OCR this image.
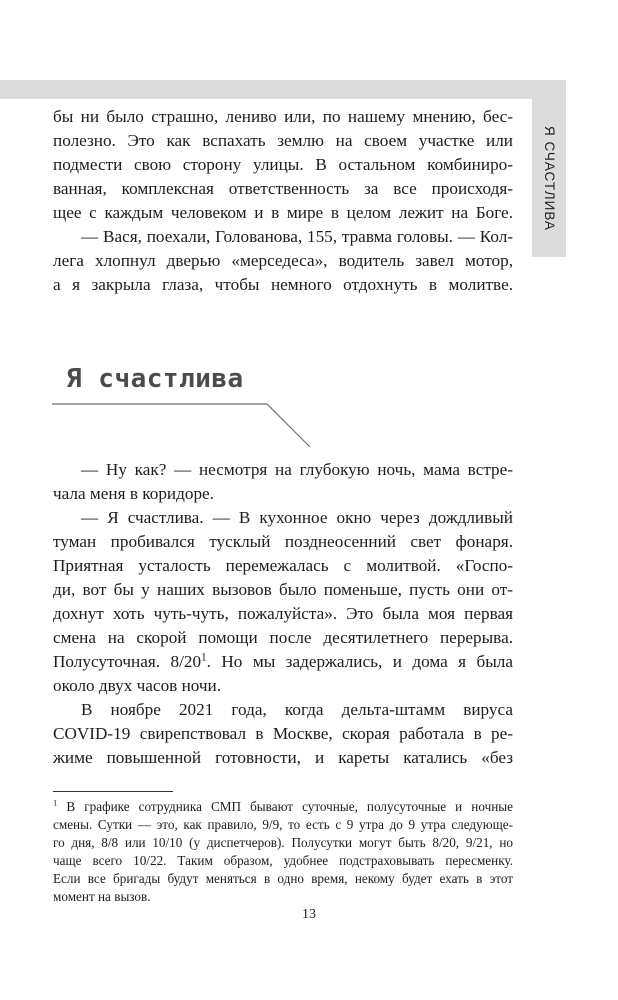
Я СЧАСТЛИВА

бы ни было страшно, лениво или, по нашему мнению, бес-

полезно. Это как вспахать землю на своем участке или

подмести свою сторону улицы. В остальном комбиниро-

ванная, комплексная ответственность за все происходя-

щее с каждым человеком и в мире в целом лежит на Боге.

— Вася, поехали, Голованова, 155, травма головы. — Кол-

лега хлопнул дверью «мерседеса», водитель завел мотор,

а я закрыла глаза, чтобы немного отдохнуть в молитве.

Я счастлива

— Ну как? — несмотря на глубокую ночь, мама встре-

чала меня в коридоре.

— Я счастлива. — В кухонное окно через дождливый

туман пробивался тусклый позднеосенний свет фонаря.

Приятная усталость перемежалась с молитвой. «Госпо-

ди, вот бы у наших вызовов было поменьше, пусть они от-

дохнут хоть чуть-чуть, пожалуйста». Это была моя первая

смена на скорой помощи после десятилетнего перерыва.

Полусуточная. $8/20^1$. Но мы задержались, и дома я была

около двух часов ночи.

В ноябре 2021 года, когда дельта-штамм вируса

COVID-19 свирепствовал в Москве, скорая работала в ре-

жиме повышенной готовности, и кареты катались «без

$^1$ В графике сотрудника СМП бывают суточные, полусуточные и ночные

смены. Сутки — это, как правило, 9/9, то есть с 9 утра до 9 утра следующе-

го дня, 8/8 или 10/10 (у диспетчеров). Полусутки могут быть 8/20, 9/21, но

чаще всего 10/22. Таким образом, удобнее подстраховывать пересменку.

Если все бригады будут меняться в одно время, некому будет ехать в этот

момент на вызов.

13
